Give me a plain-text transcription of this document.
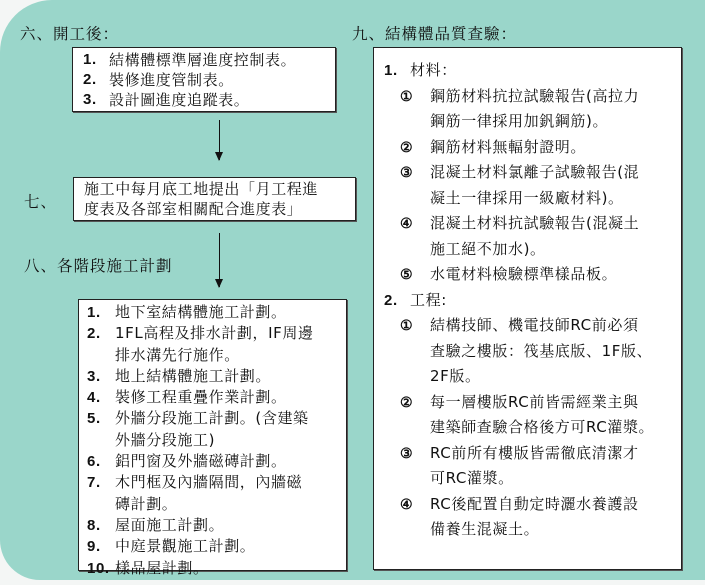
六、開工後：
1. 結構體標準層進度控制表。
2. 裝修進度管制表。
3. 設計圖進度追蹤表。
七、
施工中每月底工地提出「月工程進
度表及各部室相關配合進度表」
八、各階段施工計劃
1. 地下室結構體施工計劃。
2. 1FL高程及排水計劃，IF周邊
排水溝先行施作。
3. 地上結構體施工計劃。
4. 裝修工程重疊作業計劃。
5. 外牆分段施工計劃。(含建築
外牆分段施工)
6. 鋁門窗及外牆磁磚計劃。
7. 木門框及內牆隔間，內牆磁
磚計劃。
8. 屋面施工計劃。
9. 中庭景觀施工計劃。
10. 樣品屋計劃。
九、結構體品質查驗：
1. 材料：
①	鋼筋材料抗拉試驗報告(高拉力
鋼筋一律採用加釩鋼筋)。
②	鋼筋材料無輻射證明。
③	混凝土材料氯離子試驗報告(混
凝土一律採用一級廠材料)。
④	混凝土材料抗試驗報告(混凝土
施工絕不加水)。
⑤	水電材料檢驗標準樣品板。
2. 工程:
①	結構技師、機電技師RC前必須
查驗之樓版：筏基底版、1F版、
2F版。
②	每一層樓版RC前皆需經業主與
建築師查驗合格後方可RC灌漿。
③	RC前所有樓版皆需徹底清潔才
可RC灌漿。
④	RC後配置自動定時灑水養護設
備養生混凝土。
